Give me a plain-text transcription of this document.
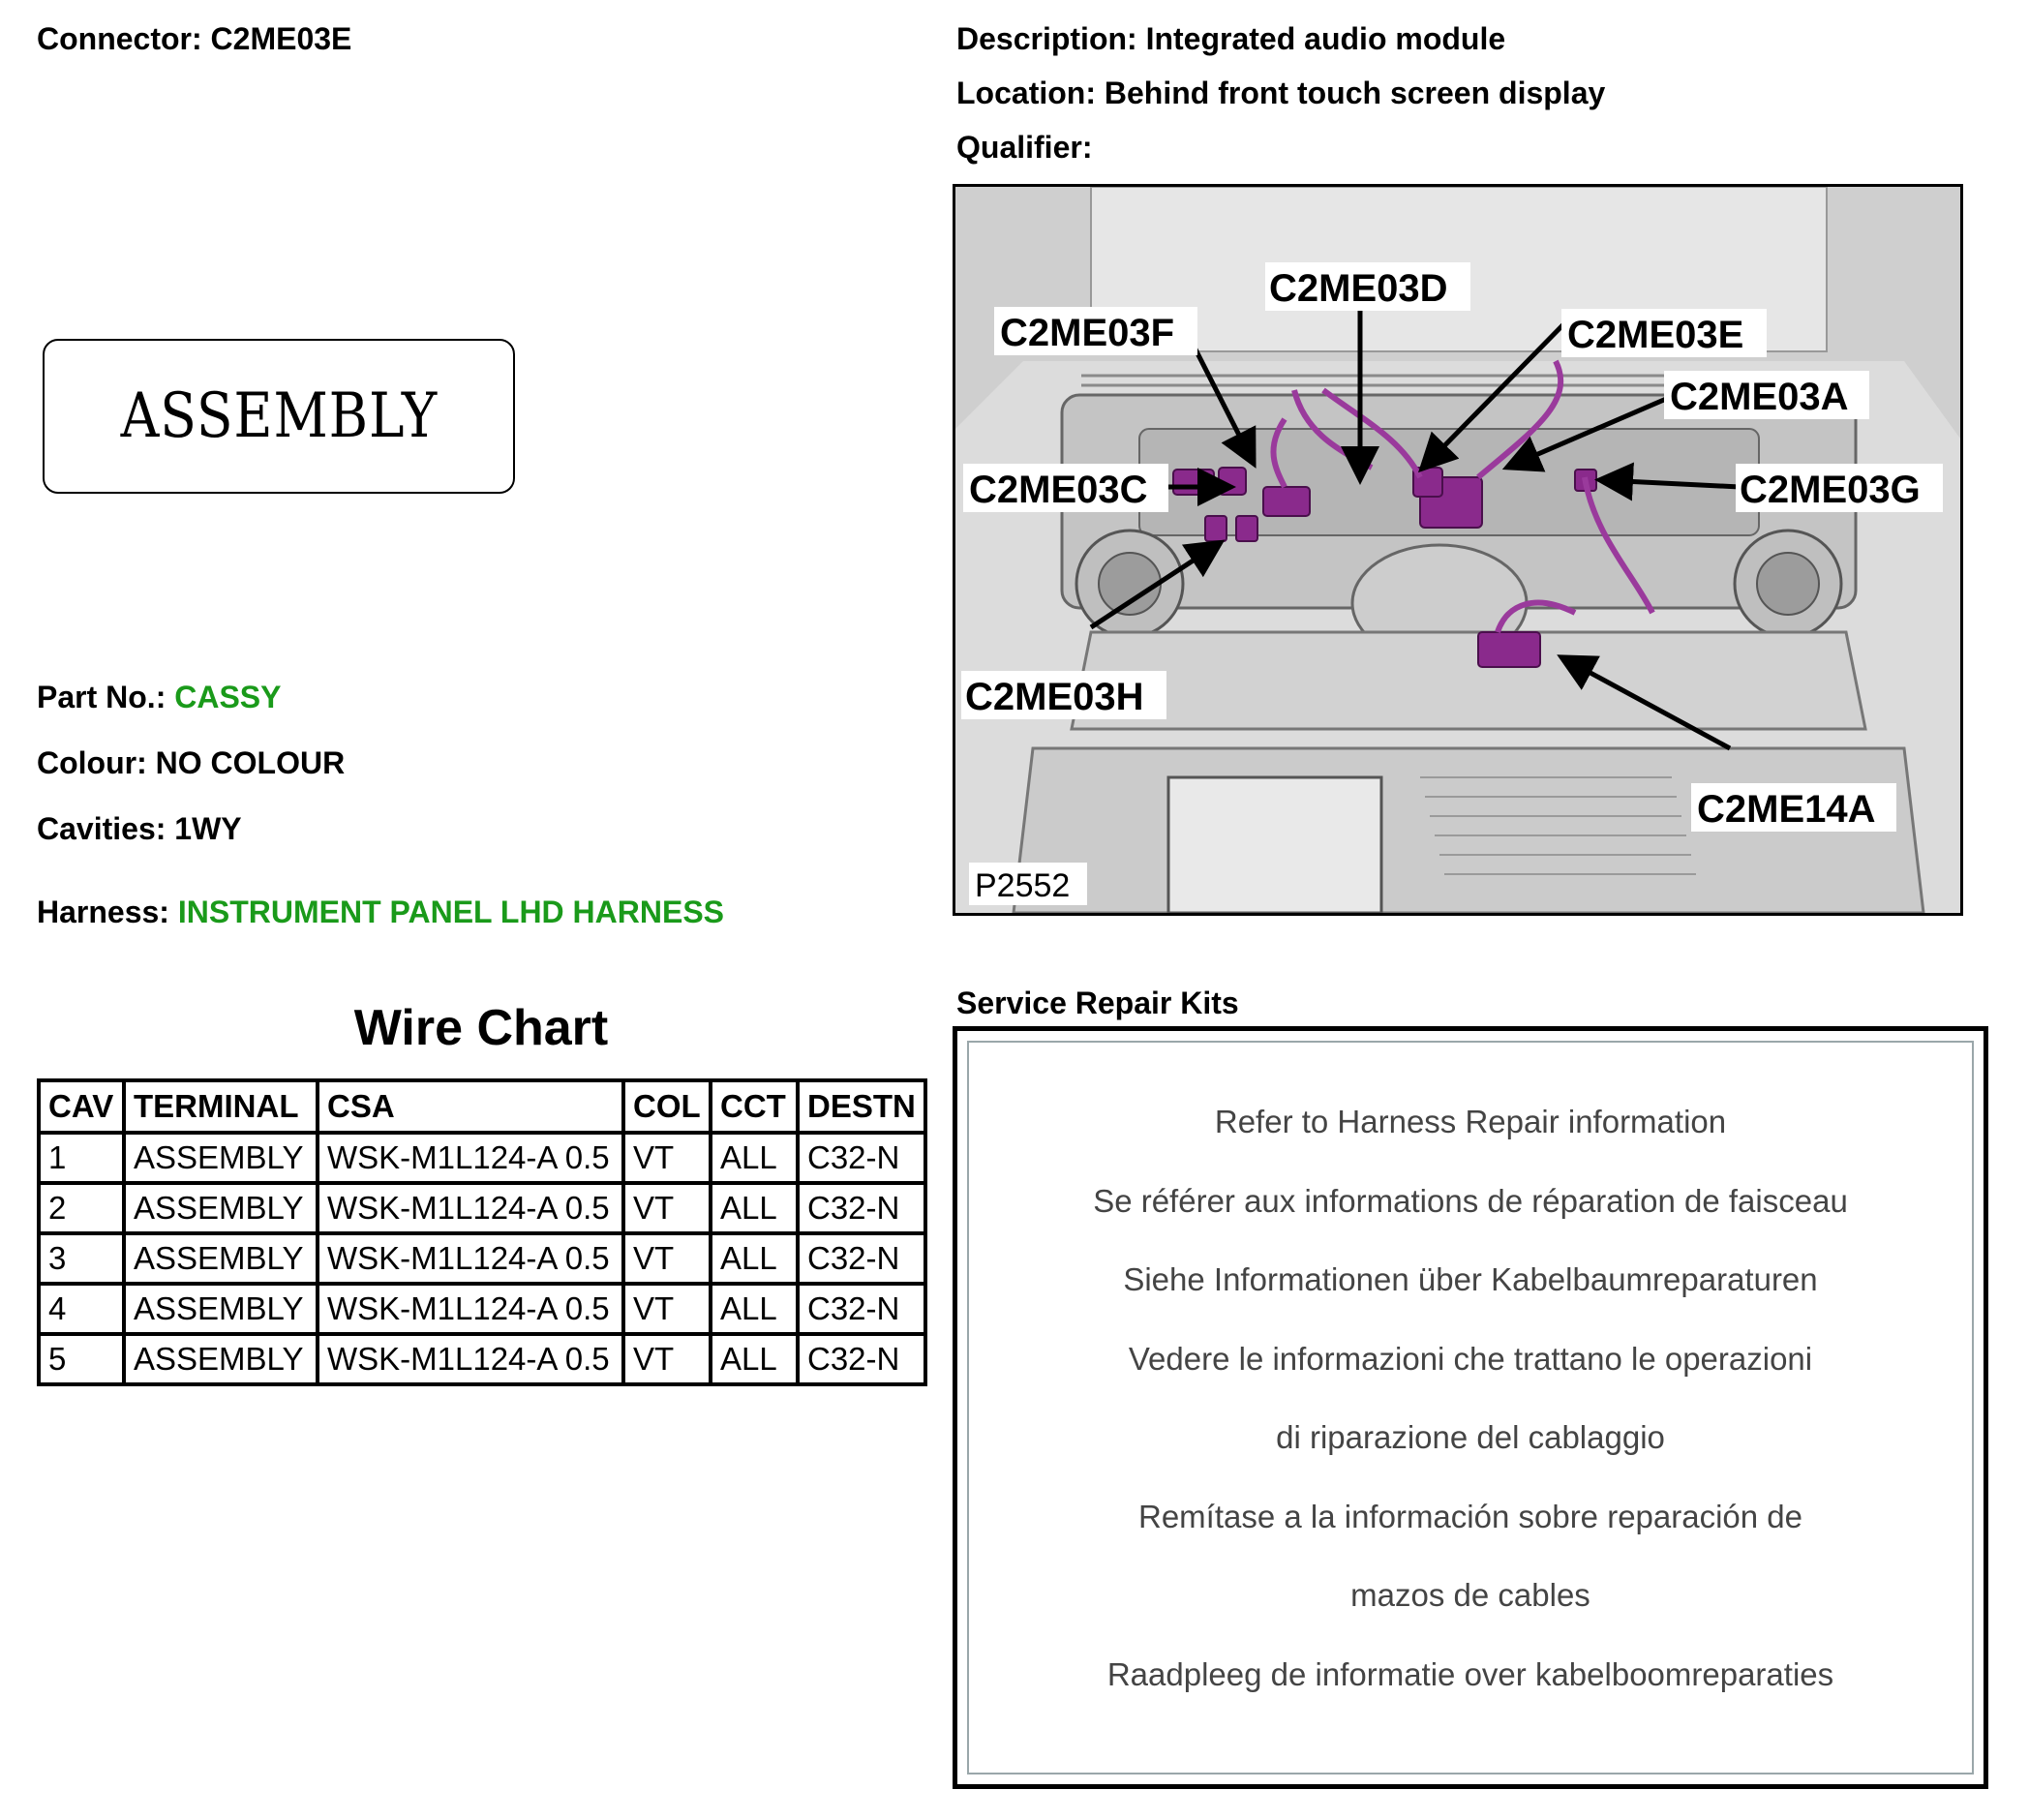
Connector: C2ME03E	Description: Integrated audio module
Location: Behind front touch screen display
Qualifier:
ASSEMBLY
Part No.: CASSY
Colour: NO COLOUR
Cavities: 1WY
Harness: INSTRUMENT PANEL LHD HARNESS
Wire Chart
CAV	TERMINAL	CSA	COL	CCT	DESTN
1	ASSEMBLY	WSK-M1L124-A 0.5	VT	ALL	C32-N
2	ASSEMBLY	WSK-M1L124-A 0.5	VT	ALL	C32-N
3	ASSEMBLY	WSK-M1L124-A 0.5	VT	ALL	C32-N
4	ASSEMBLY	WSK-M1L124-A 0.5	VT	ALL	C32-N
5	ASSEMBLY	WSK-M1L124-A 0.5	VT	ALL	C32-N
C2ME03D
C2ME03F	C2ME03E
C2ME03A
C2ME03C	C2ME03G
C2ME03H
C2ME14A
P2552
Service Repair Kits
Refer to Harness Repair information
Se référer aux informations de réparation de faisceau
Siehe Informationen über Kabelbaumreparaturen
Vedere le informazioni che trattano le operazioni
di riparazione del cablaggio
Remítase a la información sobre reparación de
mazos de cables
Raadpleeg de informatie over kabelboomreparaties
